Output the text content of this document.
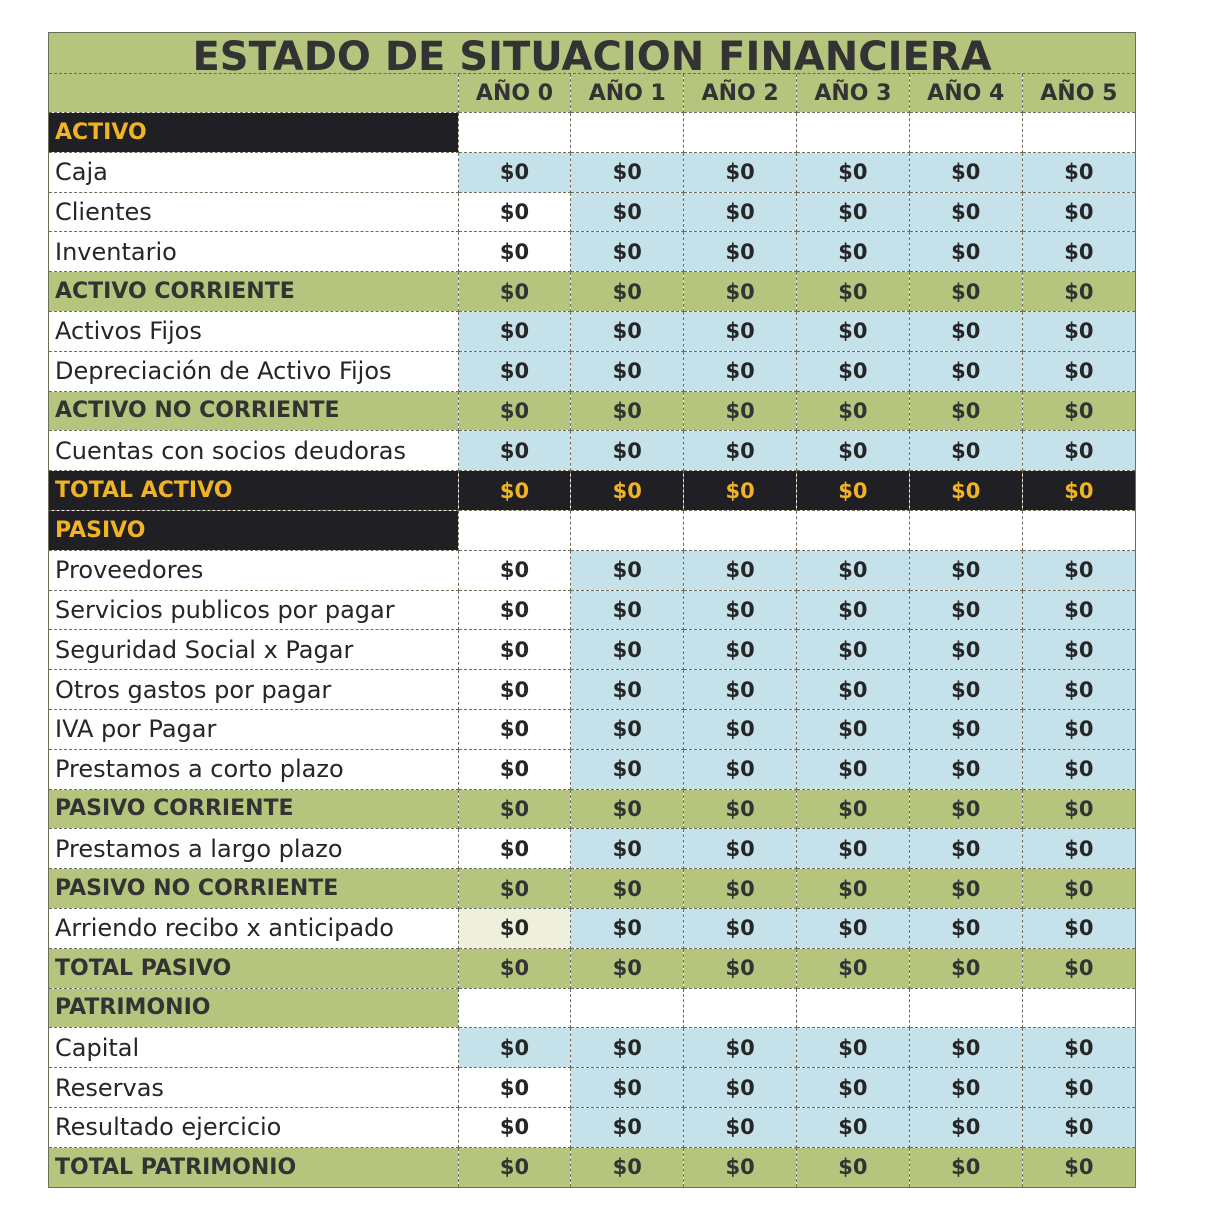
ESTADO DE SITUACION FINANCIERA
	AÑO 0	AÑO 1	AÑO 2	AÑO 3	AÑO 4	AÑO 5
ACTIVO						
Caja	$0	$0	$0	$0	$0	$0
Clientes	$0	$0	$0	$0	$0	$0
Inventario	$0	$0	$0	$0	$0	$0
ACTIVO CORRIENTE	$0	$0	$0	$0	$0	$0
Activos Fijos	$0	$0	$0	$0	$0	$0
Depreciación de Activo Fijos	$0	$0	$0	$0	$0	$0
ACTIVO NO CORRIENTE	$0	$0	$0	$0	$0	$0
Cuentas con socios deudoras	$0	$0	$0	$0	$0	$0
TOTAL ACTIVO	$0	$0	$0	$0	$0	$0
PASIVO						
Proveedores	$0	$0	$0	$0	$0	$0
Servicios publicos por pagar	$0	$0	$0	$0	$0	$0
Seguridad Social x Pagar	$0	$0	$0	$0	$0	$0
Otros gastos por pagar	$0	$0	$0	$0	$0	$0
IVA por Pagar	$0	$0	$0	$0	$0	$0
Prestamos a corto plazo	$0	$0	$0	$0	$0	$0
PASIVO CORRIENTE	$0	$0	$0	$0	$0	$0
Prestamos a largo plazo	$0	$0	$0	$0	$0	$0
PASIVO NO CORRIENTE	$0	$0	$0	$0	$0	$0
Arriendo recibo x anticipado	$0	$0	$0	$0	$0	$0
TOTAL PASIVO	$0	$0	$0	$0	$0	$0
PATRIMONIO						
Capital	$0	$0	$0	$0	$0	$0
Reservas	$0	$0	$0	$0	$0	$0
Resultado ejercicio	$0	$0	$0	$0	$0	$0
TOTAL PATRIMONIO	$0	$0	$0	$0	$0	$0
